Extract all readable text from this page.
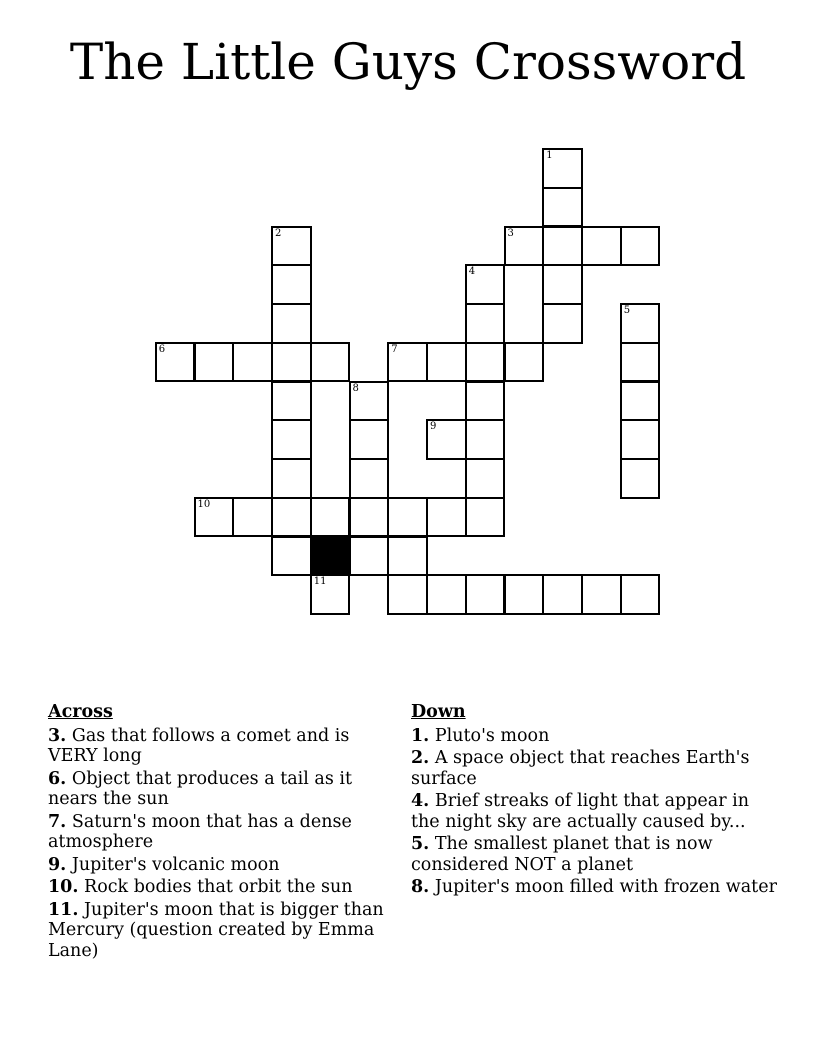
The Little Guys Crossword
1
2	3
4
5
6	7
8
9
10
11
Across
3. Gas that follows a comet and is VERY long
6. Object that produces a tail as it nears the sun
7. Saturn's moon that has a dense atmosphere
9. Jupiter's volcanic moon
10. Rock bodies that orbit the sun
11. Jupiter's moon that is bigger than Mercury (question created by Emma Lane)
Down
1. Pluto's moon
2. A space object that reaches Earth's surface
4. Brief streaks of light that appear in the night sky are actually caused by...
5. The smallest planet that is now considered NOT a planet
8. Jupiter's moon filled with frozen water
